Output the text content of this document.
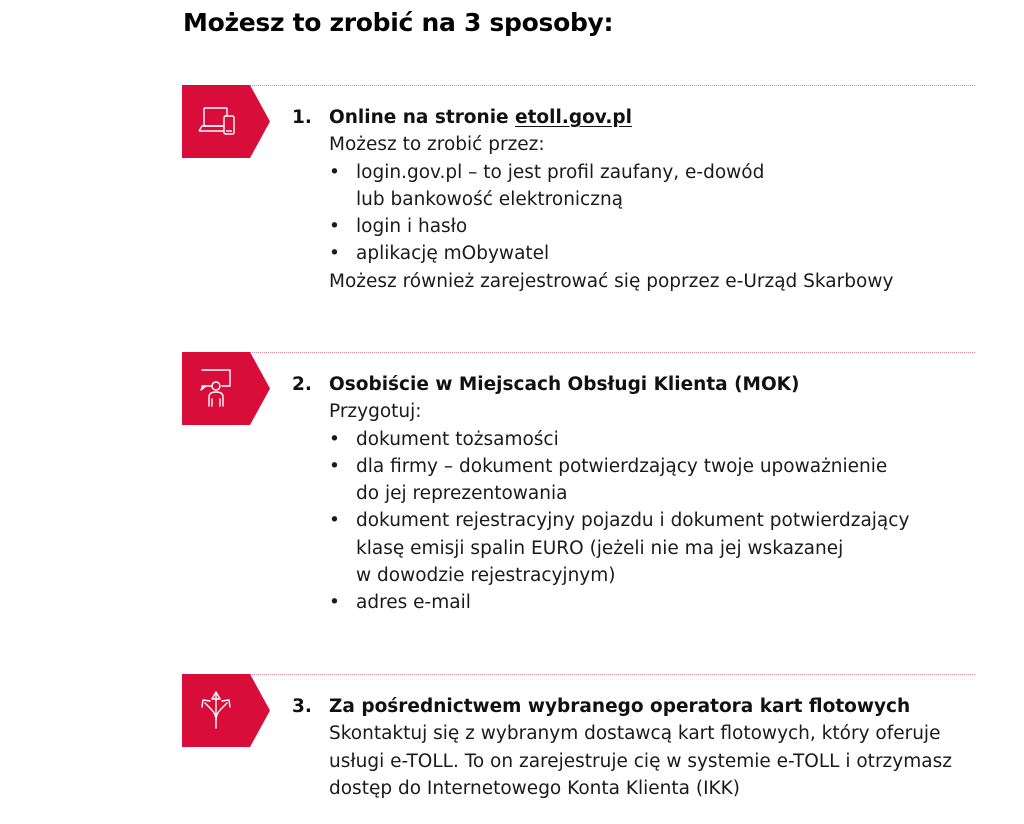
Możesz to zrobić na 3 sposoby:
1. Online na stronie etoll.gov.pl
Możesz to zrobić przez:
• login.gov.pl – to jest profil zaufany, e-dowód
lub bankowość elektroniczną
• login i hasło
• aplikację mObywatel
Możesz również zarejestrować się poprzez e-Urząd Skarbowy
2. Osobiście w Miejscach Obsługi Klienta (MOK)
Przygotuj:
• dokument tożsamości
• dla firmy – dokument potwierdzający twoje upoważnienie
do jej reprezentowania
• dokument rejestracyjny pojazdu i dokument potwierdzający
klasę emisji spalin EURO (jeżeli nie ma jej wskazanej
w dowodzie rejestracyjnym)
• adres e-mail
3. Za pośrednictwem wybranego operatora kart flotowych
Skontaktuj się z wybranym dostawcą kart flotowych, który oferuje
usługi e-TOLL. To on zarejestruje cię w systemie e-TOLL i otrzymasz
dostęp do Internetowego Konta Klienta (IKK)
